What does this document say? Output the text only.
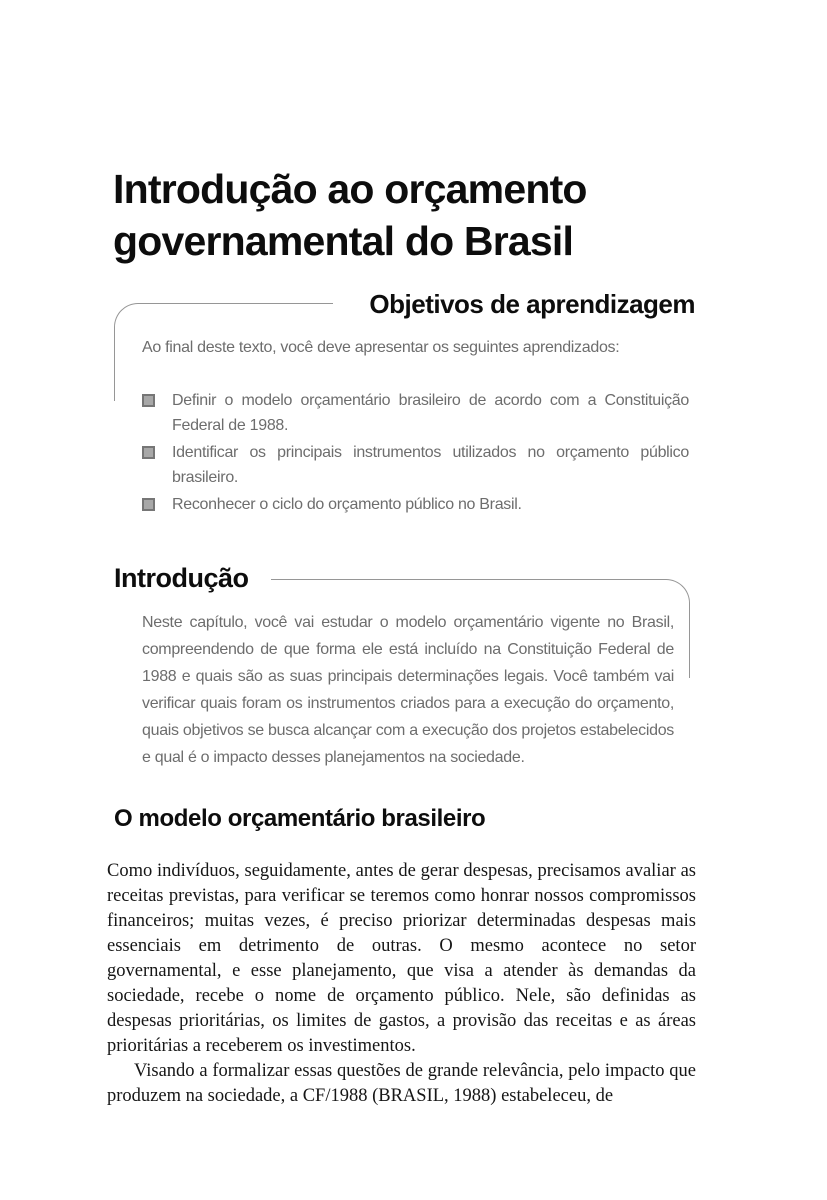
Introdução ao orçamento
governamental do Brasil
Objetivos de aprendizagem

Ao final deste texto, você deve apresentar os seguintes aprendizados:

Definir o modelo orçamentário brasileiro de acordo com a Constituição Federal de 1988.
Identificar os principais instrumentos utilizados no orçamento público brasileiro.
Reconhecer o ciclo do orçamento público no Brasil.
Introdução

Neste capítulo, você vai estudar o modelo orçamentário vigente no Brasil, compreendendo de que forma ele está incluído na Constituição Federal de 1988 e quais são as suas principais determinações legais. Você também vai verificar quais foram os instrumentos criados para a execução do orçamento, quais objetivos se busca alcançar com a execução dos projetos estabelecidos e qual é o impacto desses planejamentos na sociedade.

O modelo orçamentário brasileiro

Como indivíduos, seguidamente, antes de gerar despesas, precisamos avaliar as receitas previstas, para verificar se teremos como honrar nossos compromissos financeiros; muitas vezes, é preciso priorizar determinadas despesas mais essenciais em detrimento de outras. O mesmo acontece no setor governamental, e esse planejamento, que visa a atender às demandas da sociedade, recebe o nome de orçamento público. Nele, são definidas as despesas prioritárias, os limites de gastos, a provisão das receitas e as áreas prioritárias a receberem os investimentos.

Visando a formalizar essas questões de grande relevância, pelo impacto que produzem na sociedade, a CF/1988 (BRASIL, 1988) estabeleceu, de
